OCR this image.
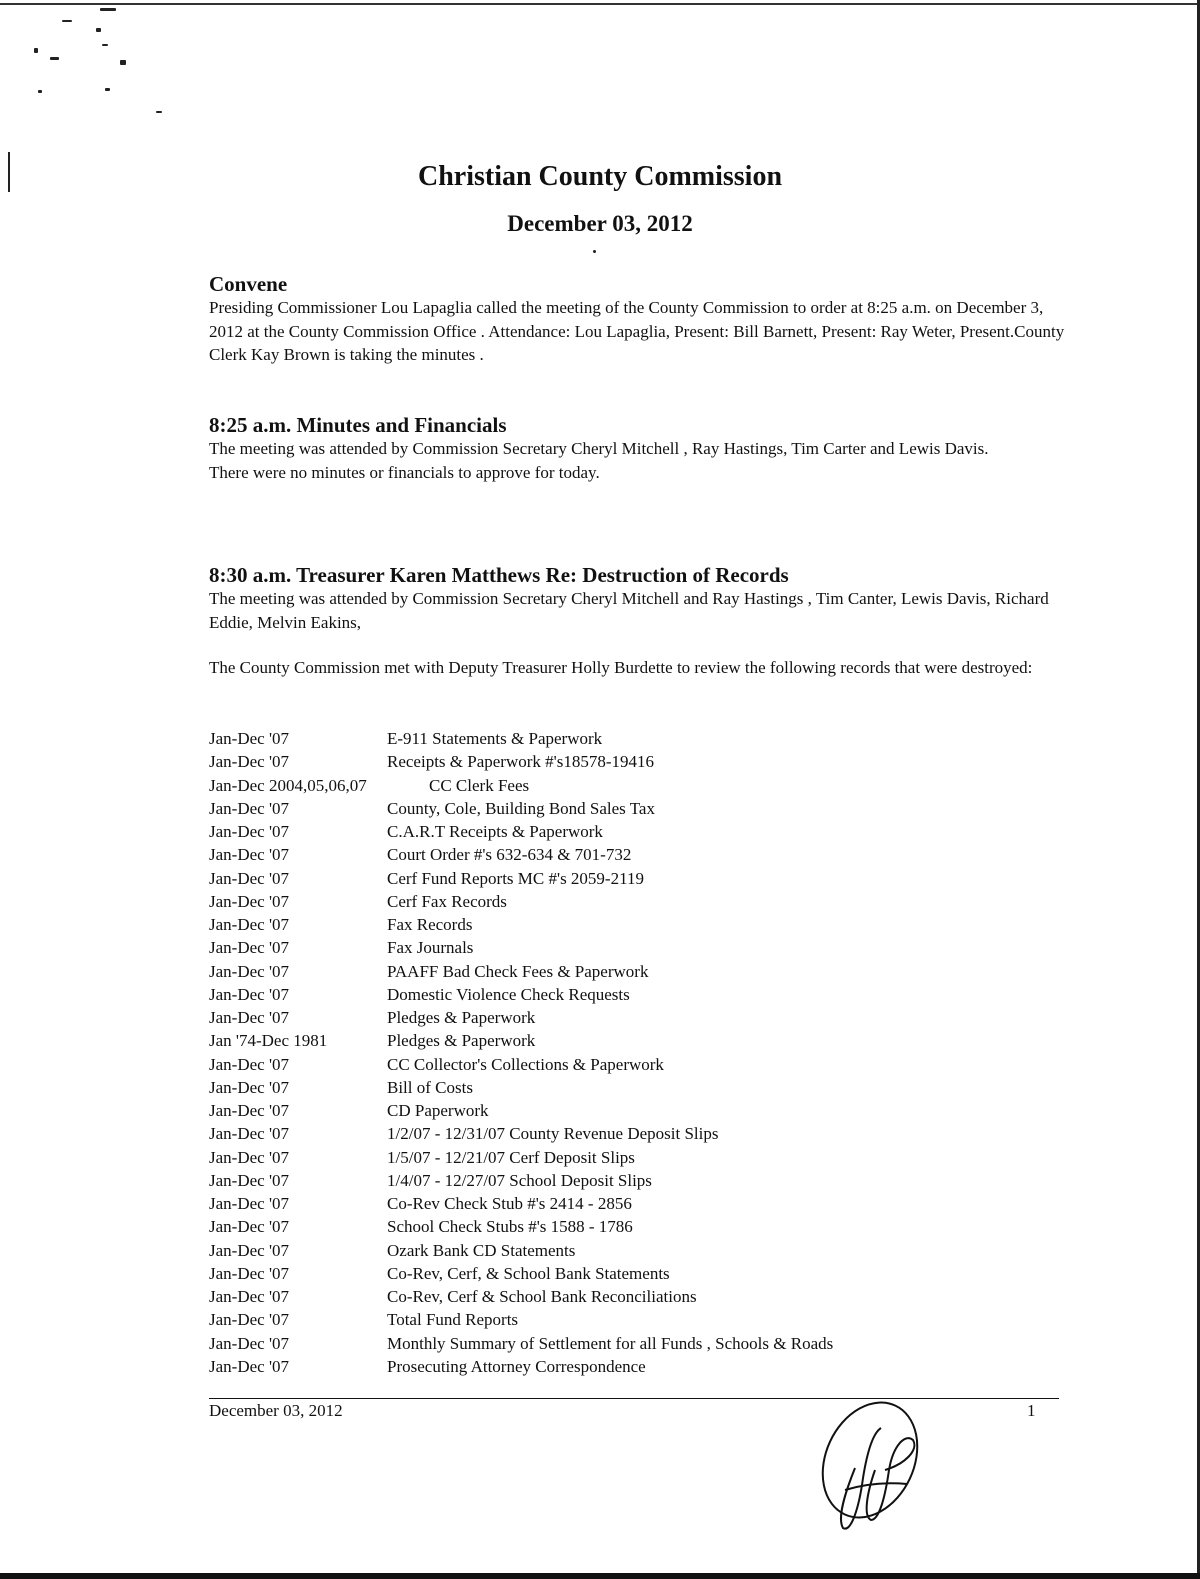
Christian County Commission
December 03, 2012
Convene

Presiding Commissioner Lou Lapaglia called the meeting of the County Commission to order at 8:25 a.m. on December 3, 2012 at the County Commission Office . Attendance: Lou Lapaglia, Present: Bill Barnett, Present: Ray Weter, Present.County Clerk Kay Brown is taking the minutes .

8:25 a.m. Minutes and Financials

The meeting was attended by Commission Secretary Cheryl Mitchell , Ray Hastings, Tim Carter and Lewis Davis.

There were no minutes or financials to approve for today.

8:30 a.m. Treasurer Karen Matthews Re: Destruction of Records

The meeting was attended by Commission Secretary Cheryl Mitchell and Ray Hastings , Tim Canter, Lewis Davis, Richard Eddie, Melvin Eakins,

The County Commission met with Deputy Treasurer Holly Burdette to review the following records that were destroyed:

Jan-Dec '07	E-911 Statements & Paperwork
Jan-Dec '07	Receipts & Paperwork #'s18578-19416
Jan-Dec 2004,05,06,07	CC Clerk Fees
Jan-Dec '07	County, Cole, Building Bond Sales Tax
Jan-Dec '07	C.A.R.T Receipts & Paperwork
Jan-Dec '07	Court Order #'s 632-634 & 701-732
Jan-Dec '07	Cerf Fund Reports MC #'s 2059-2119
Jan-Dec '07	Cerf Fax Records
Jan-Dec '07	Fax Records
Jan-Dec '07	Fax Journals
Jan-Dec '07	PAAFF Bad Check Fees & Paperwork
Jan-Dec '07	Domestic Violence Check Requests
Jan-Dec '07	Pledges & Paperwork
Jan '74-Dec 1981	Pledges & Paperwork
Jan-Dec '07	CC Collector's Collections & Paperwork
Jan-Dec '07	Bill of Costs
Jan-Dec '07	CD Paperwork
Jan-Dec '07	1/2/07 - 12/31/07 County Revenue Deposit Slips
Jan-Dec '07	1/5/07 - 12/21/07 Cerf Deposit Slips
Jan-Dec '07	1/4/07 - 12/27/07 School Deposit Slips
Jan-Dec '07	Co-Rev Check Stub #'s 2414 - 2856
Jan-Dec '07	School Check Stubs #'s 1588 - 1786
Jan-Dec '07	Ozark Bank CD Statements
Jan-Dec '07	Co-Rev, Cerf, & School Bank Statements
Jan-Dec '07	Co-Rev, Cerf & School Bank Reconciliations
Jan-Dec '07	Total Fund Reports
Jan-Dec '07	Monthly Summary of Settlement for all Funds , Schools & Roads
Jan-Dec '07	Prosecuting Attorney Correspondence
December 03, 2012	1
